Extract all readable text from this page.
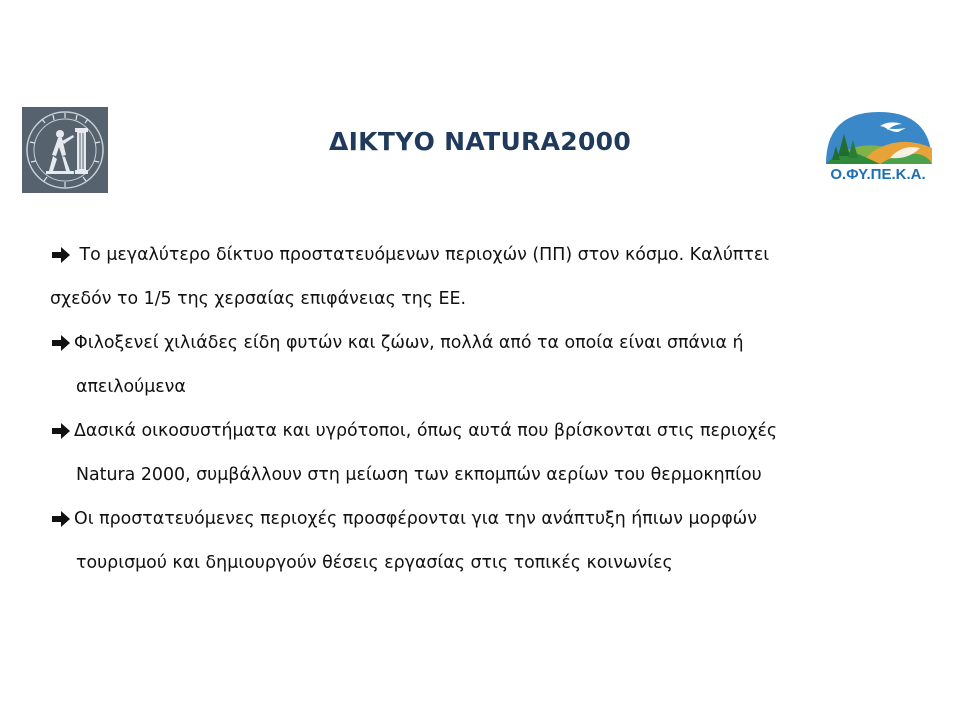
ΔΙΚΤΥΟ NATURA2000
Ο.ΦΥ.ΠΕ.Κ.Α.
Το μεγαλύτερο δίκτυο προστατευόμενων περιοχών (ΠΠ) στον κόσμο. Καλύπτει
σχεδόν το 1/5 της χερσαίας επιφάνειας της ΕΕ.
Φιλοξενεί χιλιάδες είδη φυτών και ζώων, πολλά από τα οποία είναι σπάνια ή
απειλούμενα
Δασικά οικοσυστήματα και υγρότοποι, όπως αυτά που βρίσκονται στις περιοχές
Natura 2000, συμβάλλουν στη μείωση των εκπομπών αερίων του θερμοκηπίου
Οι προστατευόμενες περιοχές προσφέρονται για την ανάπτυξη ήπιων μορφών
τουρισμού και δημιουργούν θέσεις εργασίας στις τοπικές κοινωνίες
